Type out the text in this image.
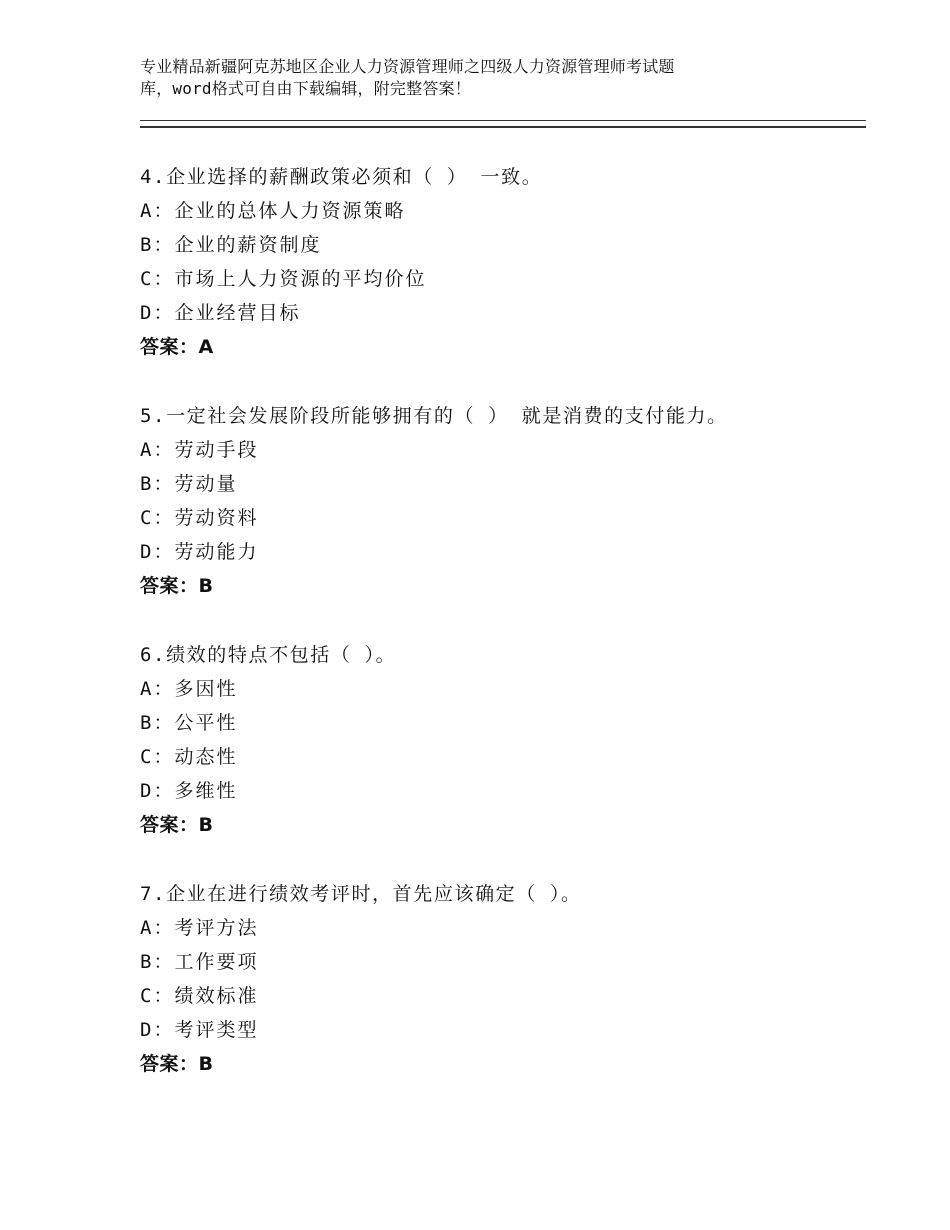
专业精品新疆阿克苏地区企业人力资源管理师之四级人力资源管理师考试题
库，word格式可自由下载编辑，附完整答案！
4.企业选择的薪酬政策必须和（ ） 一致。
A：企业的总体人力资源策略
B：企业的薪资制度
C：市场上人力资源的平均价位
D：企业经营目标
答案：A
5.一定社会发展阶段所能够拥有的（ ） 就是消费的支付能力。
A：劳动手段
B：劳动量
C：劳动资料
D：劳动能力
答案：B
6.绩效的特点不包括（ ）。
A：多因性
B：公平性
C：动态性
D：多维性
答案：B
7.企业在进行绩效考评时，首先应该确定（ ）。
A：考评方法
B：工作要项
C：绩效标准
D：考评类型
答案：B
